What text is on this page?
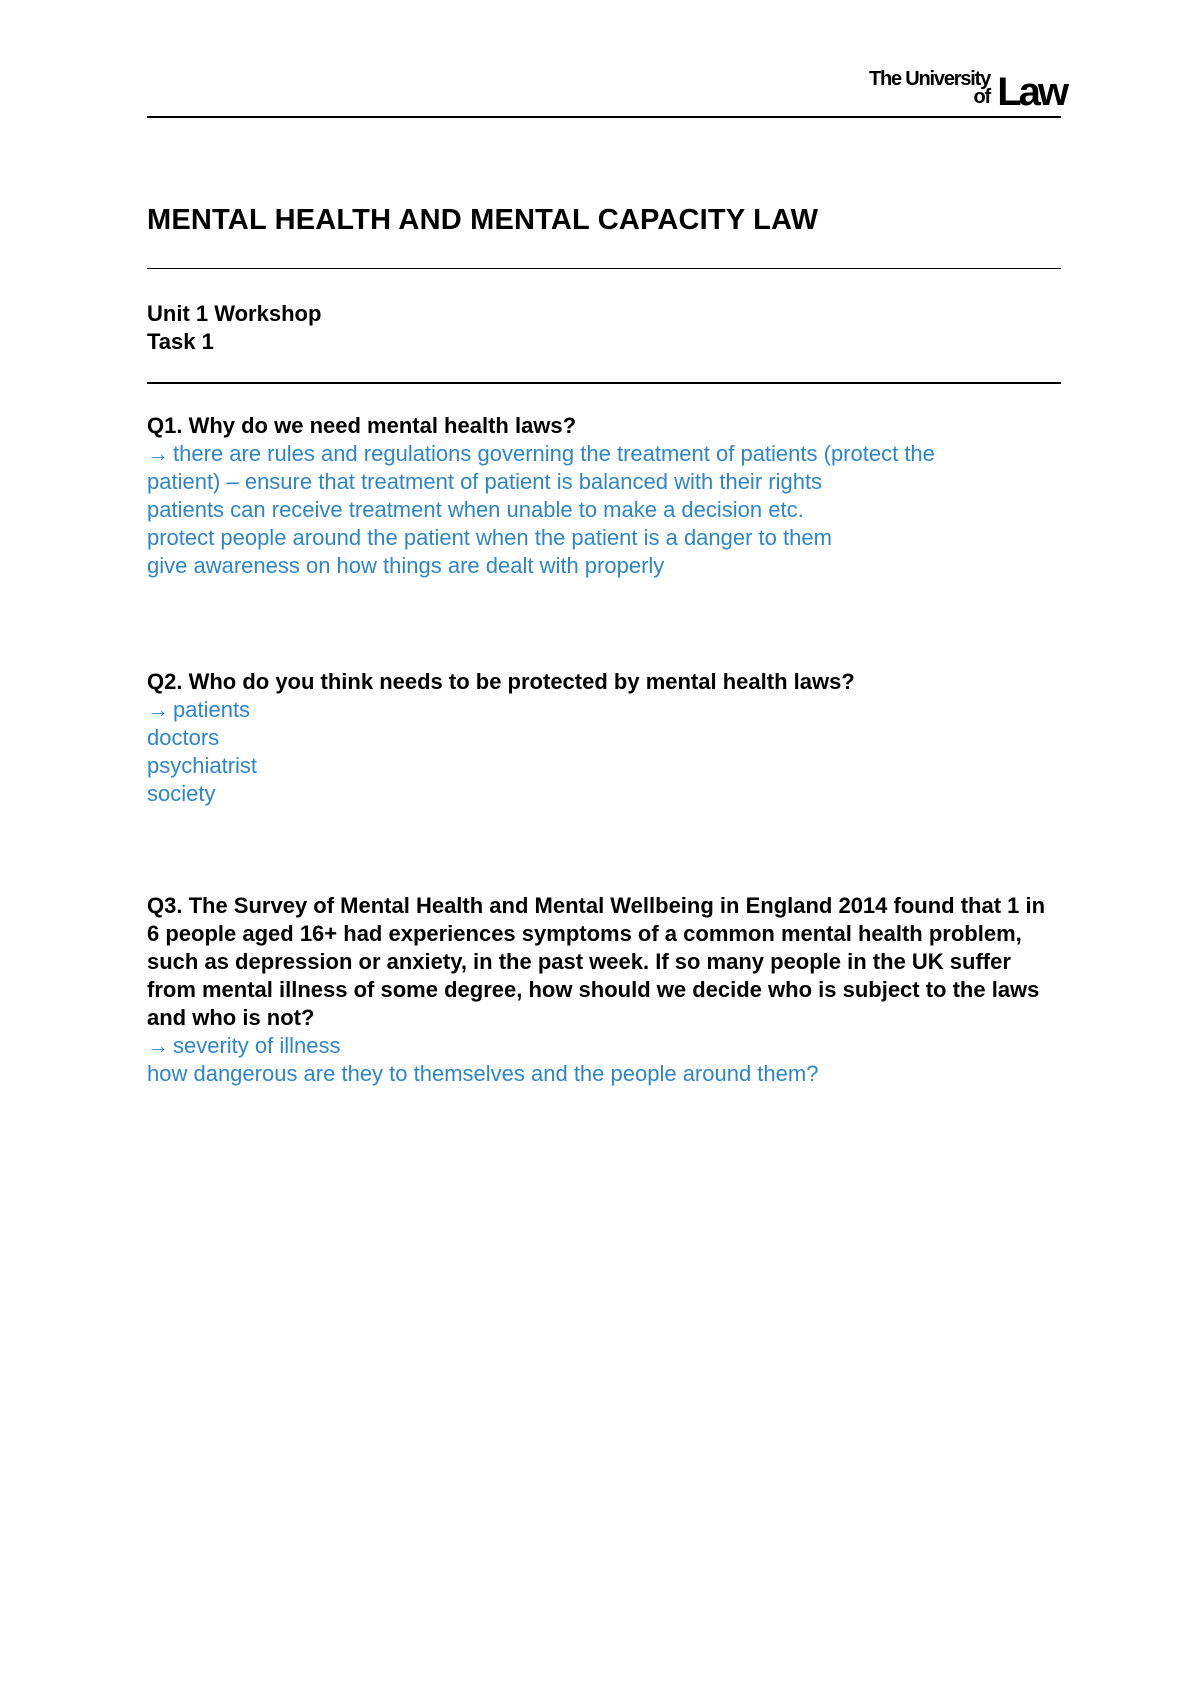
The University
of Law
MENTAL HEALTH AND MENTAL CAPACITY LAW
Unit 1 Workshop
Task 1
Q1. Why do we need mental health laws?
→ there are rules and regulations governing the treatment of patients (protect the
patient) – ensure that treatment of patient is balanced with their rights
patients can receive treatment when unable to make a decision etc.
protect people around the patient when the patient is a danger to them
give awareness on how things are dealt with properly
Q2. Who do you think needs to be protected by mental health laws?
→ patients
doctors
psychiatrist
society
Q3. The Survey of Mental Health and Mental Wellbeing in England 2014 found that 1 in 6 people aged 16+ had experiences symptoms of a common mental health problem, such as depression or anxiety, in the past week. If so many people in the UK suffer from mental illness of some degree, how should we decide who is subject to the laws and who is not?
→ severity of illness
how dangerous are they to themselves and the people around them?
